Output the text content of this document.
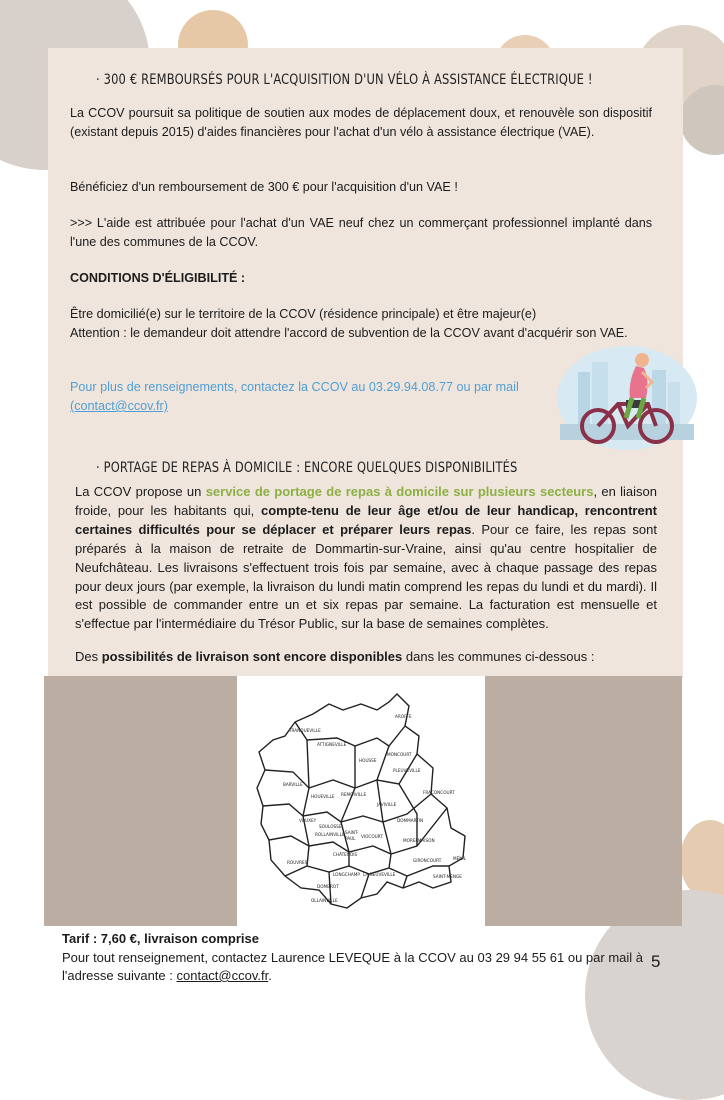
· 300 € REMBOURSÉS POUR L'ACQUISITION D'UN VÉLO À ASSISTANCE ÉLECTRIQUE !

La CCOV poursuit sa politique de soutien aux modes de déplacement doux, et renouvèle son dispositif (existant depuis 2015) d'aides financières pour l'achat d'un vélo à assistance électrique (VAE).

Bénéficiez d'un remboursement de 300 € pour l'acquisition d'un VAE !

>>> L'aide est attribuée pour l'achat d'un VAE neuf chez un commerçant professionnel implanté dans l'une des communes de la CCOV.

CONDITIONS D'ÉLIGIBILITÉ :

Être domicilié(e) sur le territoire de la CCOV (résidence principale) et être majeur(e)

Attention : le demandeur doit attendre l'accord de subvention de la CCOV avant d'acquérir son VAE.

Pour plus de renseignements, contactez la CCOV au 03.29.94.08.77 ou par mail
(contact@ccov.fr)

· PORTAGE DE REPAS À DOMICILE : ENCORE QUELQUES DISPONIBILITÉS

La CCOV propose un service de portage de repas à domicile sur plusieurs secteurs, en liaison froide, pour les habitants qui, compte-tenu de leur âge et/ou de leur handicap, rencontrent certaines difficultés pour se déplacer et préparer leurs repas. Pour ce faire, les repas sont préparés à la maison de retraite de Dommartin-sur-Vraine, ainsi qu'au centre hospitalier de Neufchâteau. Les livraisons s'effectuent trois fois par semaine, avec à chaque passage des repas pour deux jours (par exemple, la livraison du lundi matin comprend les repas du lundi et du mardi). Il est possible de commander entre un et six repas par semaine. La facturation est mensuelle et s'effectue par l'intermédiaire du Trésor Public, sur la base de semaines complètes.

Des possibilités de livraison sont encore disponibles dans les communes ci-dessous :

AROFFE
TRANQUEVILLE
ATTIGNEVILLE
MONCOURT
HOUSSE
PLEUVEVILLE
BARVILLE
HOUEVILLE REMOIVILLE	FRACONCOURT
JAVIVILLE
DOMMARTIN
VOUXEY
SAINT-
PAUL
SOULOSSE
ROLLAINVILLE	VIOCOURT
MORELMAISON
CHÂTENOIS
GIRONCOURT	MÉNIL
ROUVRES
LONGCHAMP LA NEUVEVILLE	SAINT-MENGE
DOMBROT
OLLAINVILLE
Tarif : 7,60 €, livraison comprise
Pour tout renseignement, contactez Laurence LEVEQUE à la CCOV au 03 29 94 55 61 ou par mail à l'adresse suivante : contact@ccov.fr.
5
